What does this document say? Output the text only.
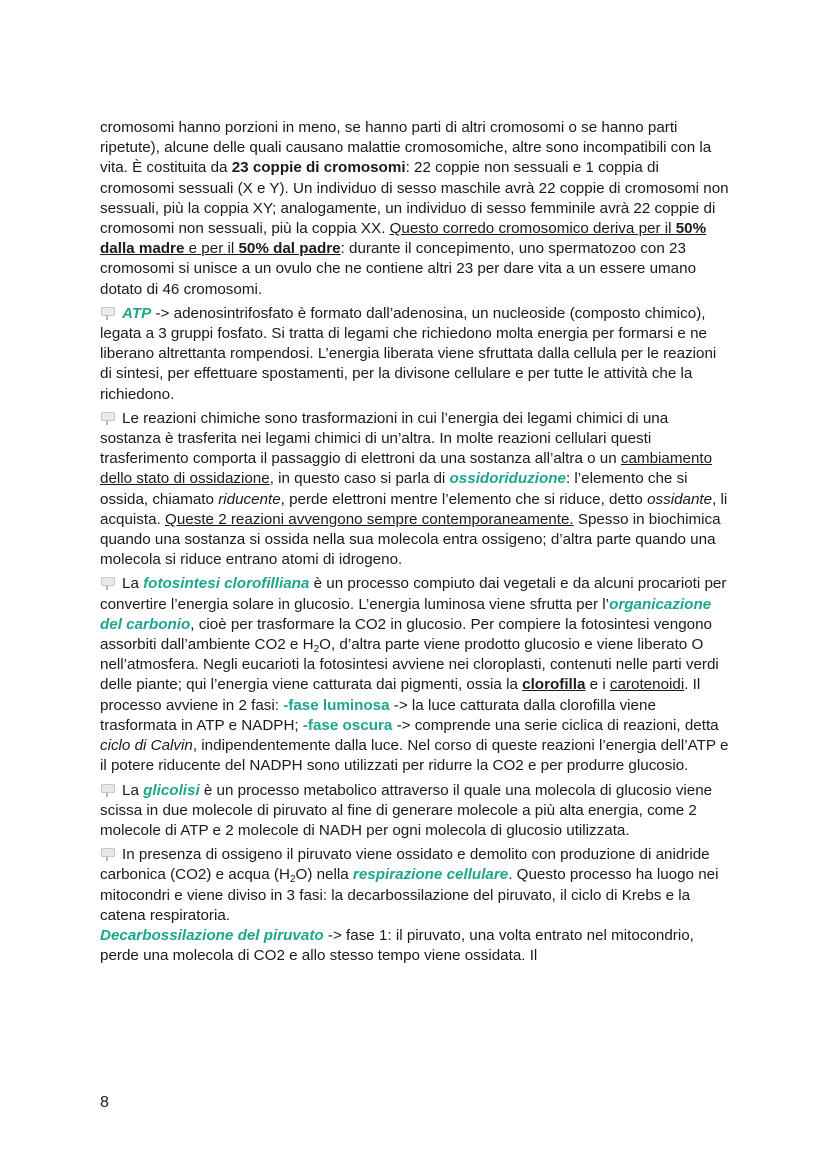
cromosomi hanno porzioni in meno, se hanno parti di altri cromosomi o se hanno parti ripetute), alcune delle quali causano malattie cromosomiche, altre sono incompatibili con la vita. È costituita da 23 coppie di cromosomi: 22 coppie non sessuali e 1 coppia di cromosomi sessuali (X e Y). Un individuo di sesso maschile avrà 22 coppie di cromosomi non sessuali, più la coppia XY; analogamente, un individuo di sesso femminile avrà 22 coppie di cromosomi non sessuali, più la coppia XX. Questo corredo cromosomico deriva per il 50% dalla madre e per il 50% dal padre: durante il concepimento, uno spermatozoo con 23 cromosomi si unisce a un ovulo che ne contiene altri 23 per dare vita a un essere umano dotato di 46 cromosomi.

ATP -> adenosintrifosfato è formato dall’adenosina, un nucleoside (composto chimico), legata a 3 gruppi fosfato. Si tratta di legami che richiedono molta energia per formarsi e ne liberano altrettanta rompendosi. L’energia liberata viene sfruttata dalla cellula per le reazioni di sintesi, per effettuare spostamenti, per la divisone cellulare e per tutte le attività che la richiedono.

Le reazioni chimiche sono trasformazioni in cui l’energia dei legami chimici di una sostanza è trasferita nei legami chimici di un’altra. In molte reazioni cellulari questi trasferimento comporta il passaggio di elettroni da una sostanza all’altra o un cambiamento dello stato di ossidazione, in questo caso si parla di ossidoriduzione: l’elemento che si ossida, chiamato riducente, perde elettroni mentre l’elemento che si riduce, detto ossidante, li acquista. Queste 2 reazioni avvengono sempre contemporaneamente. Spesso in biochimica quando una sostanza si ossida nella sua molecola entra ossigeno; d’altra parte quando una molecola si riduce entrano atomi di idrogeno.

La fotosintesi clorofilliana è un processo compiuto dai vegetali e da alcuni procarioti per convertire l’energia solare in glucosio. L’energia luminosa viene sfrutta per l’organicazione del carbonio, cioè per trasformare la CO2 in glucosio. Per compiere la fotosintesi vengono assorbiti dall’ambiente CO2 e $H_2O$, d’altra parte viene prodotto glucosio e viene liberato O nell’atmosfera. Negli eucarioti la fotosintesi avviene nei cloroplasti, contenuti nelle parti verdi delle piante; qui l’energia viene catturata dai pigmenti, ossia la clorofilla e i carotenoidi. Il processo avviene in 2 fasi: -fase luminosa -> la luce catturata dalla clorofilla viene trasformata in ATP e NADPH; -fase oscura -> comprende una serie ciclica di reazioni, detta ciclo di Calvin, indipendentemente dalla luce. Nel corso di queste reazioni l’energia dell’ATP e il potere riducente del NADPH sono utilizzati per ridurre la CO2 e per produrre glucosio.

La glicolisi è un processo metabolico attraverso il quale una molecola di glucosio viene scissa in due molecole di piruvato al fine di generare molecole a più alta energia, come 2 molecole di ATP e 2 molecole di NADH per ogni molecola di glucosio utilizzata.

In presenza di ossigeno il piruvato viene ossidato e demolito con produzione di anidride carbonica (CO2) e acqua $(H_2O)$ nella respirazione cellulare. Questo processo ha luogo nei mitocondri e viene diviso in 3 fasi: la decarbossilazione del piruvato, il ciclo di Krebs e la catena respiratoria.

Decarbossilazione del piruvato -> fase 1: il piruvato, una volta entrato nel mitocondrio, perde una molecola di CO2 e allo stesso tempo viene ossidata. Il

8
